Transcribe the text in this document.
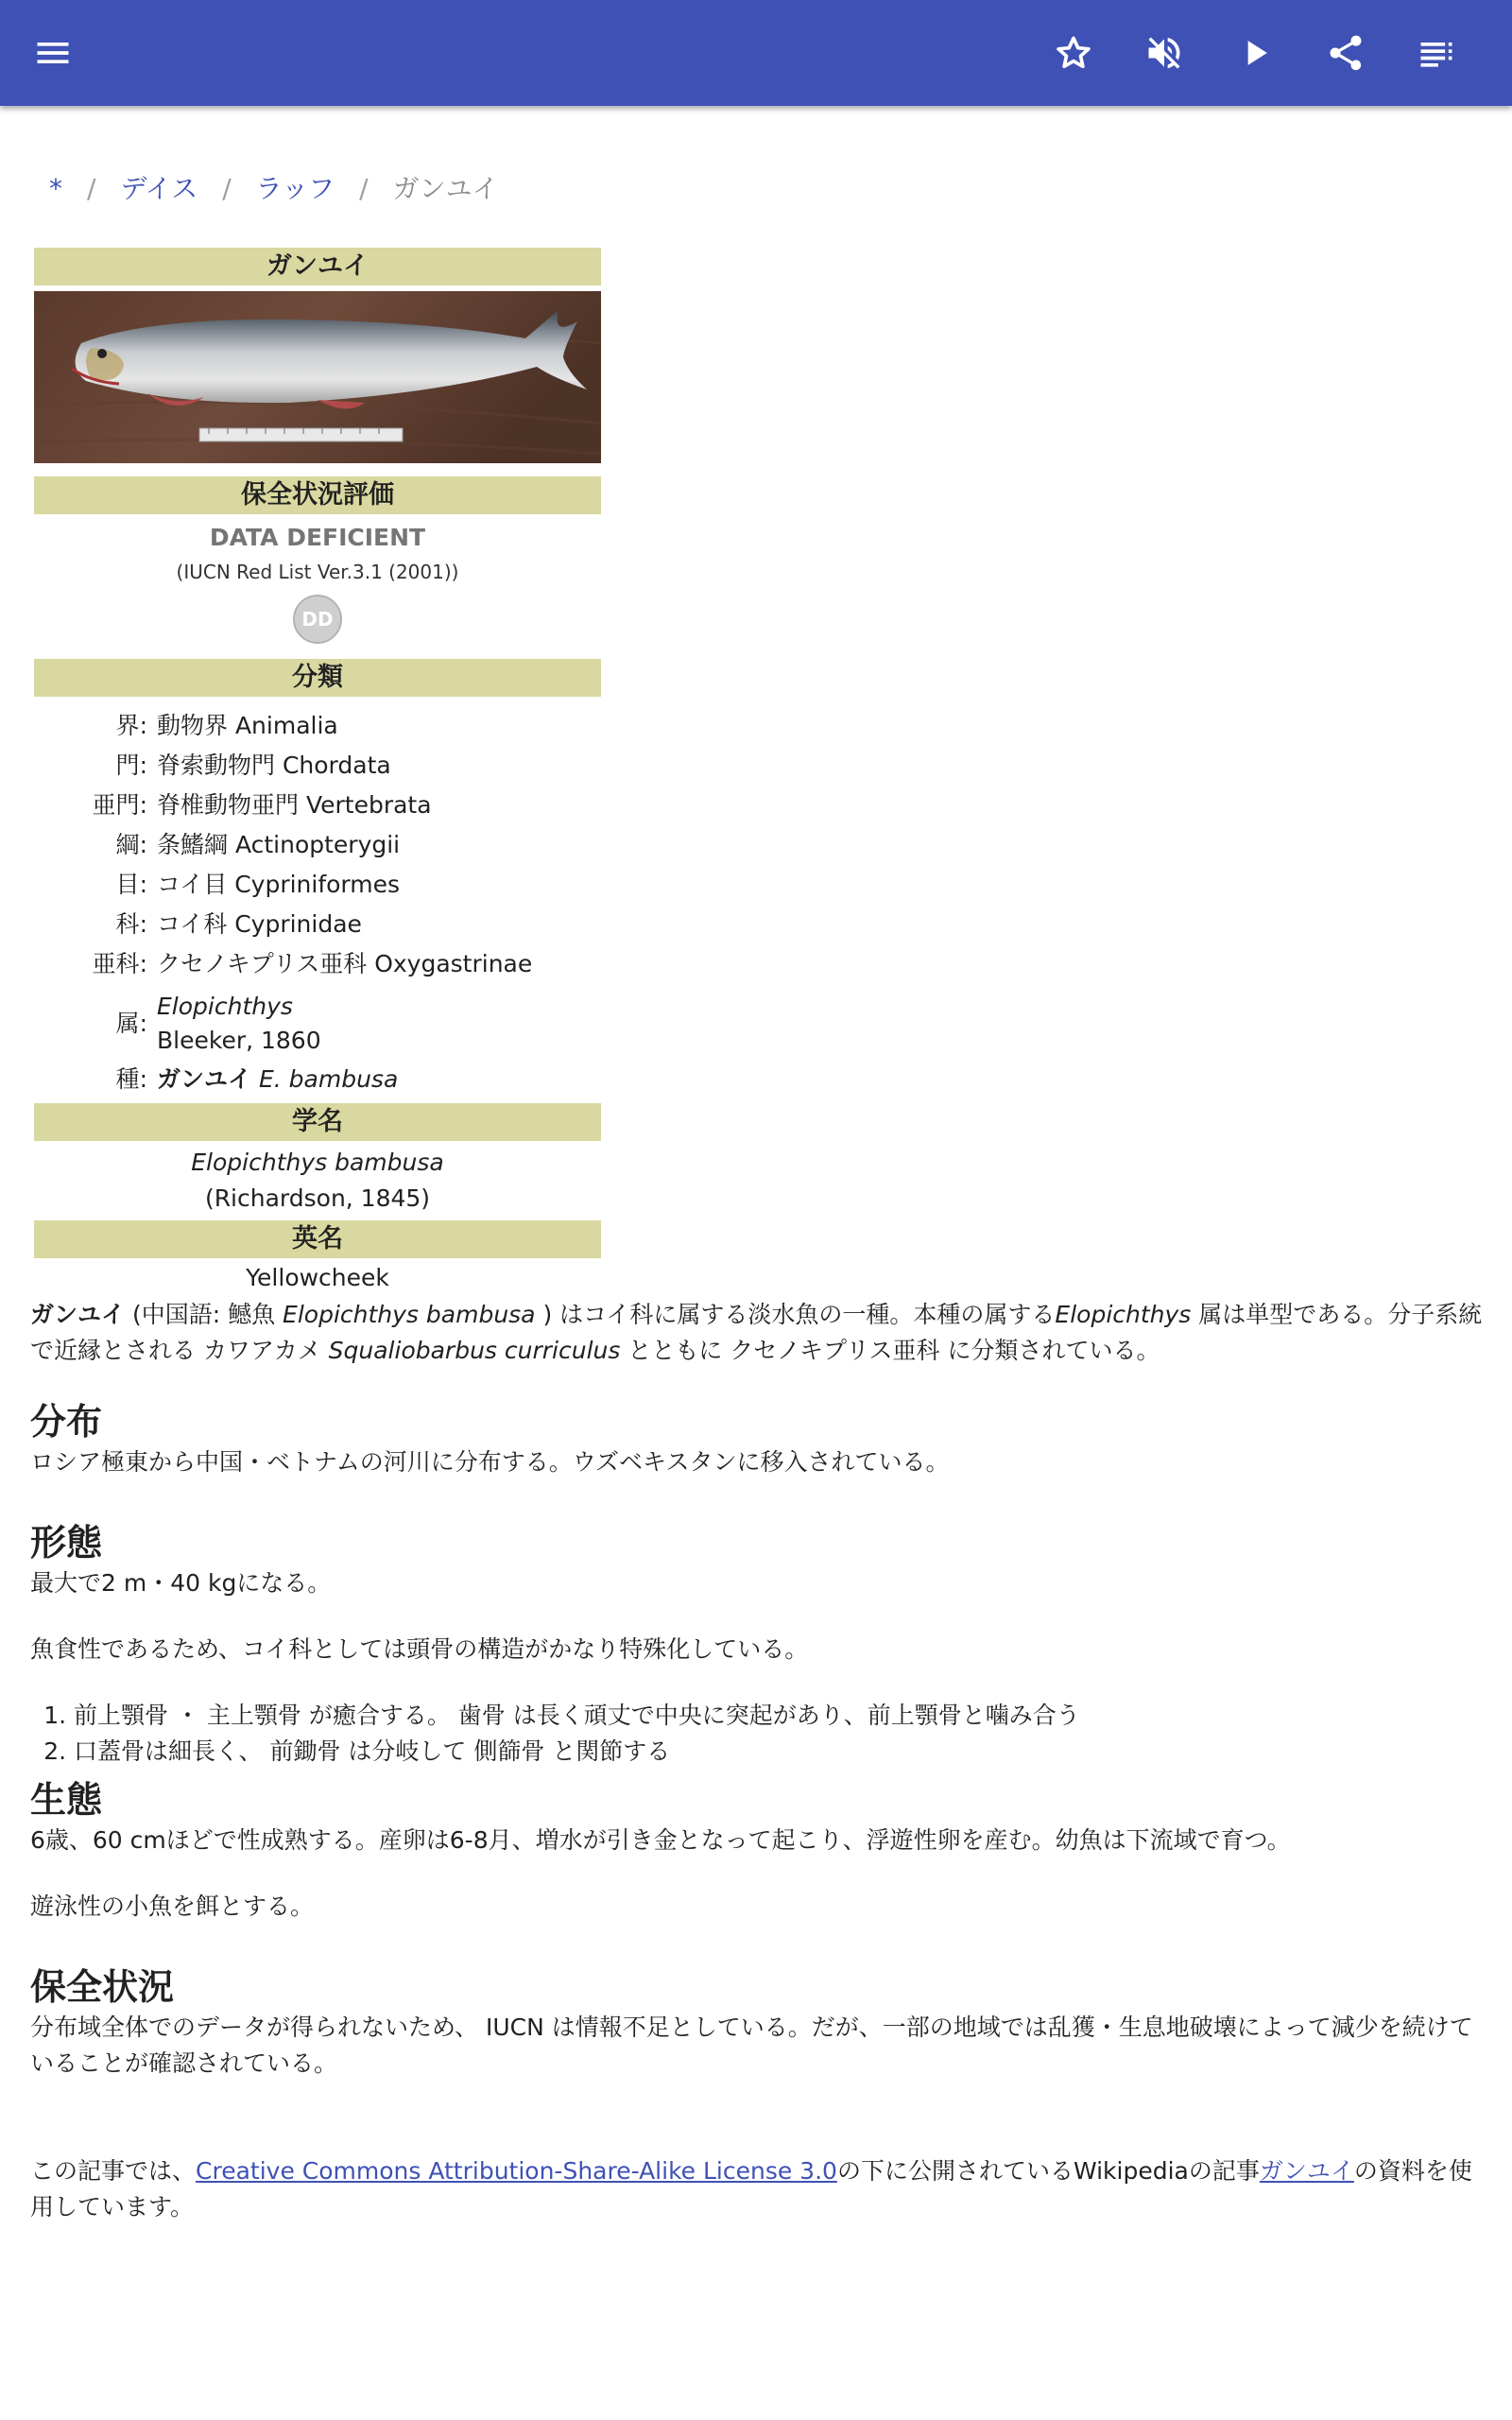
* / デイス / ラッフ / ガンユイ
ガンユイ
保全状況評価
DATA DEFICIENT
(IUCN Red List Ver.3.1 (2001))
DD
分類
界: 動物界 Animalia
門: 脊索動物門 Chordata
亜門: 脊椎動物亜門 Vertebrata
綱: 条鰭綱 Actinopterygii
目: コイ目 Cypriniformes
科: コイ科 Cyprinidae
亜科: クセノキプリス亜科 Oxygastrinae
属 :
Elopichthys
Bleeker, 1860
種: ガンユイ E. bambusa
学名
Elopichthys bambusa
(Richardson, 1845)
英名
Yellowcheek
ガンユイ (中国語: 鳡魚 Elopichthys bambusa ) はコイ科に属する淡水魚の一種。本種の属するElopichthys 属は単型である。分子系統で近縁とされる カワアカメ Squaliobarbus curriculus とともに クセノキプリス亜科 に分類されている。
分布
ロシア極東から中国・ベトナムの河川に分布する。ウズベキスタンに移入されている。
形態
最大で2 m・40 kgになる。
魚食性であるため、コイ科としては頭骨の構造がかなり特殊化している。
1. 前上顎骨 ・ 主上顎骨 が癒合する。 歯骨 は長く頑丈で中央に突起があり、前上顎骨と噛み合う
2. 口蓋骨は細長く、 前鋤骨 は分岐して 側篩骨 と関節する
生態
6歳、60 cmほどで性成熟する。産卵は6-8月、増水が引き金となって起こり、浮遊性卵を産む。幼魚は下流域で育つ。
遊泳性の小魚を餌とする。
保全状況
分布域全体でのデータが得られないため、 IUCN は情報不足としている。だが、一部の地域では乱獲・生息地破壊によって減少を続けていることが確認されている。
この記事では、Creative Commons Attribution-Share-Alike License 3.0の下に公開されているWikipediaの記事ガンユイの資料を使用しています。
